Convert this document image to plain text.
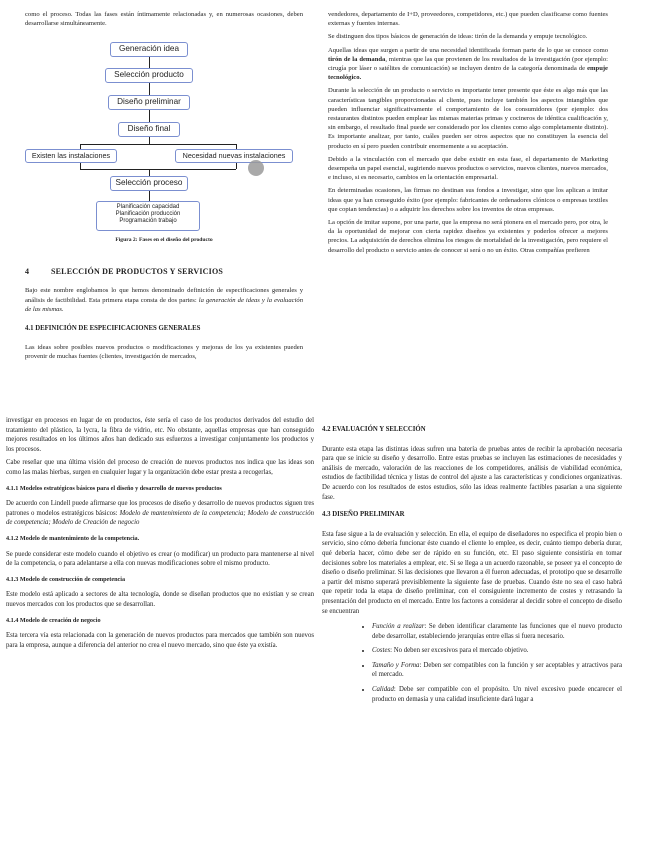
como el proceso. Todas las fases están íntimamente relacionadas y, en numerosas ocasiones, deben desarrollarse simultáneamente.

Generación idea
Selección producto
Diseño preliminar
Diseño final
Existen las instalaciones	Necesidad nuevas instalaciones
Selección proceso
Planificación capacidad
Planificación producción
Programación trabajo
Figura 2: Fases en el diseño del producto
4	SELECCIÓN DE PRODUCTOS Y SERVICIOS

Bajo este nombre englobamos lo que hemos denominado definición de especificaciones generales y análisis de factibilidad. Esta primera etapa consta de dos partes: la generación de ideas y la evaluación de las mismas.

4.1 DEFINICIÓN DE ESPECIFICACIONES GENERALES

Las ideas sobre posibles nuevos productos o modificaciones y mejoras de los ya existentes pueden provenir de muchas fuentes (clientes, investigación de mercados,

vendedores, departamento de I+D, proveedores, competidores, etc.) que pueden clasificarse como fuentes externas y fuentes internas.

Se distinguen dos tipos básicos de generación de ideas: tirón de la demanda y empuje tecnológico.

Aquellas ideas que surgen a partir de una necesidad identificada forman parte de lo que se conoce como tirón de la demanda, mientras que las que provienen de los resultados de la investigación (por ejemplo: cirugía por láser o satélites de comunicación) se incluyen dentro de la categoría denominada de empuje tecnológico.

Durante la selección de un producto o servicio es importante tener presente que éste es algo más que las características tangibles proporcionadas al cliente, pues incluye también los aspectos intangibles que pueden influenciar significativamente el comportamiento de los consumidores (por ejemplo: dos restaurantes distintos pueden emplear las mismas materias primas y cocineros de idéntica cualificación y, sin embargo, el resultado final puede ser considerado por los clientes como algo completamente distinto). Es importante analizar, por tanto, cuáles pueden ser otros aspectos que no constituyen la esencia del producto en sí pero pueden contribuir enormemente a su aceptación.

Debido a la vinculación con el mercado que debe existir en esta fase, el departamento de Marketing desempeña un papel esencial, sugiriendo nuevos productos o servicios, nuevos clientes, nuevos mercados, e incluso, si es necesario, cambios en la orientación empresarial.

En determinadas ocasiones, las firmas no destinan sus fondos a investigar, sino que los aplican a imitar ideas que ya han conseguido éxito (por ejemplo: fabricantes de ordenadores clónicos o empresas textiles que copian tendencias) o a adquirir los derechos sobre los inventos de otras empresas.

La opción de imitar supone, por una parte, que la empresa no será pionera en el mercado pero, por otra, le da la oportunidad de mejorar con cierta rapidez diseños ya existentes y poderlos ofrecer a mejores precios. La adquisición de derechos elimina los riesgos de mortalidad de la investigación, pero requiere el desarrollo del producto o servicio antes de conocer si será o no un éxito. Otras compañías prefieren

investigar en procesos en lugar de en productos, éste sería el caso de los productos derivados del estudio del tratamiento del plástico, la lycra, la fibra de vidrio, etc. No obstante, aquellas empresas que han conseguido mejores resultados en los últimos años han dedicado sus esfuerzos a investigar conjuntamente los productos y los procesos.

Cabe reseñar que una última visión del proceso de creación de nuevos productos nos indica que las ideas son como las malas hierbas, surgen en cualquier lugar y la organización debe estar presta a recogerlas,

4.1.1 Modelos estratégicos básicos para el diseño y desarrollo de nuevos productos

De acuerdo con Lindell puede afirmarse que los procesos de diseño y desarrollo de nuevos productos siguen tres patrones o modelos estratégicos básicos: Modelo de mantenimiento de la competencia; Modelo de construcción de competencia; Modelo de Creación de negocio

4.1.2 Modelo de mantenimiento de la competencia.

Se puede considerar este modelo cuando el objetivo es crear (o modificar) un producto para mantenerse al nivel de la competencia, o para adelantarse a ella con nuevas modificaciones sobre el mismo producto.

4.1.3 Modelo de construcción de competencia

Este modelo está aplicado a sectores de alta tecnología, donde se diseñan productos que no existían y se crean nuevos mercados con los productos que se desarrollan.

4.1.4 Modelo de creación de negocio

Esta tercera vía esta relacionada con la generación de nuevos productos para mercados que también son nuevos para la empresa, aunque a diferencia del anterior no crea el nuevo mercado, sino que éste ya existía.

4.2 EVALUACIÓN Y SELECCIÓN

Durante esta etapa las distintas ideas sufren una batería de pruebas antes de recibir la aprobación necesaria para que se inicie su diseño y desarrollo. Entre estas pruebas se incluyen las estimaciones de necesidades y análisis de mercado, valoración de las reacciones de los competidores, análisis de viabilidad económica, estudios de factibilidad técnica y listas de control del ajuste a las características y condiciones organizativas. De acuerdo con los resultados de estos estudios, sólo las ideas realmente factibles pasarían a una siguiente fase.

4.3 DISEÑO PRELIMINAR

Esta fase sigue a la de evaluación y selección. En ella, el equipo de diseñadores no especifica el propio bien o servicio, sino cómo debería funcionar éste cuando el cliente lo emplee, es decir, cuánto tiempo debería durar, qué debería hacer, cómo debe ser de rápido en su función, etc. El paso siguiente consistiría en tomar decisiones sobre los materiales a emplear, etc. Si se llega a un acuerdo razonable, se poseer ya el concepto de diseño o diseño preliminar. Si las decisiones que llevaron a él fueron adecuadas, el prototipo que se desarrolle a partir del mismo superará previsiblemente la siguiente fase de pruebas. Cuando éste no sea el caso habrá que repetir toda la etapa de diseño preliminar, con el consiguiente incremento de costes y retrasando la presentación del producto en el mercado. Entre los factores a considerar al decidir sobre el concepto de diseño se encuentran

• Función a realizar: Se deben identificar claramente las funciones que el nuevo producto debe desarrollar, estableciendo jerarquías entre ellas si fuera necesario.
• Costes: No deben ser excesivos para el mercado objetivo.
• Tamaño y Forma: Deben ser compatibles con la función y ser aceptables y atractivos para el mercado.
• Calidad: Debe ser compatible con el propósito. Un nivel excesivo puede encarecer el producto en demasía y una calidad insuficiente dará lugar a
